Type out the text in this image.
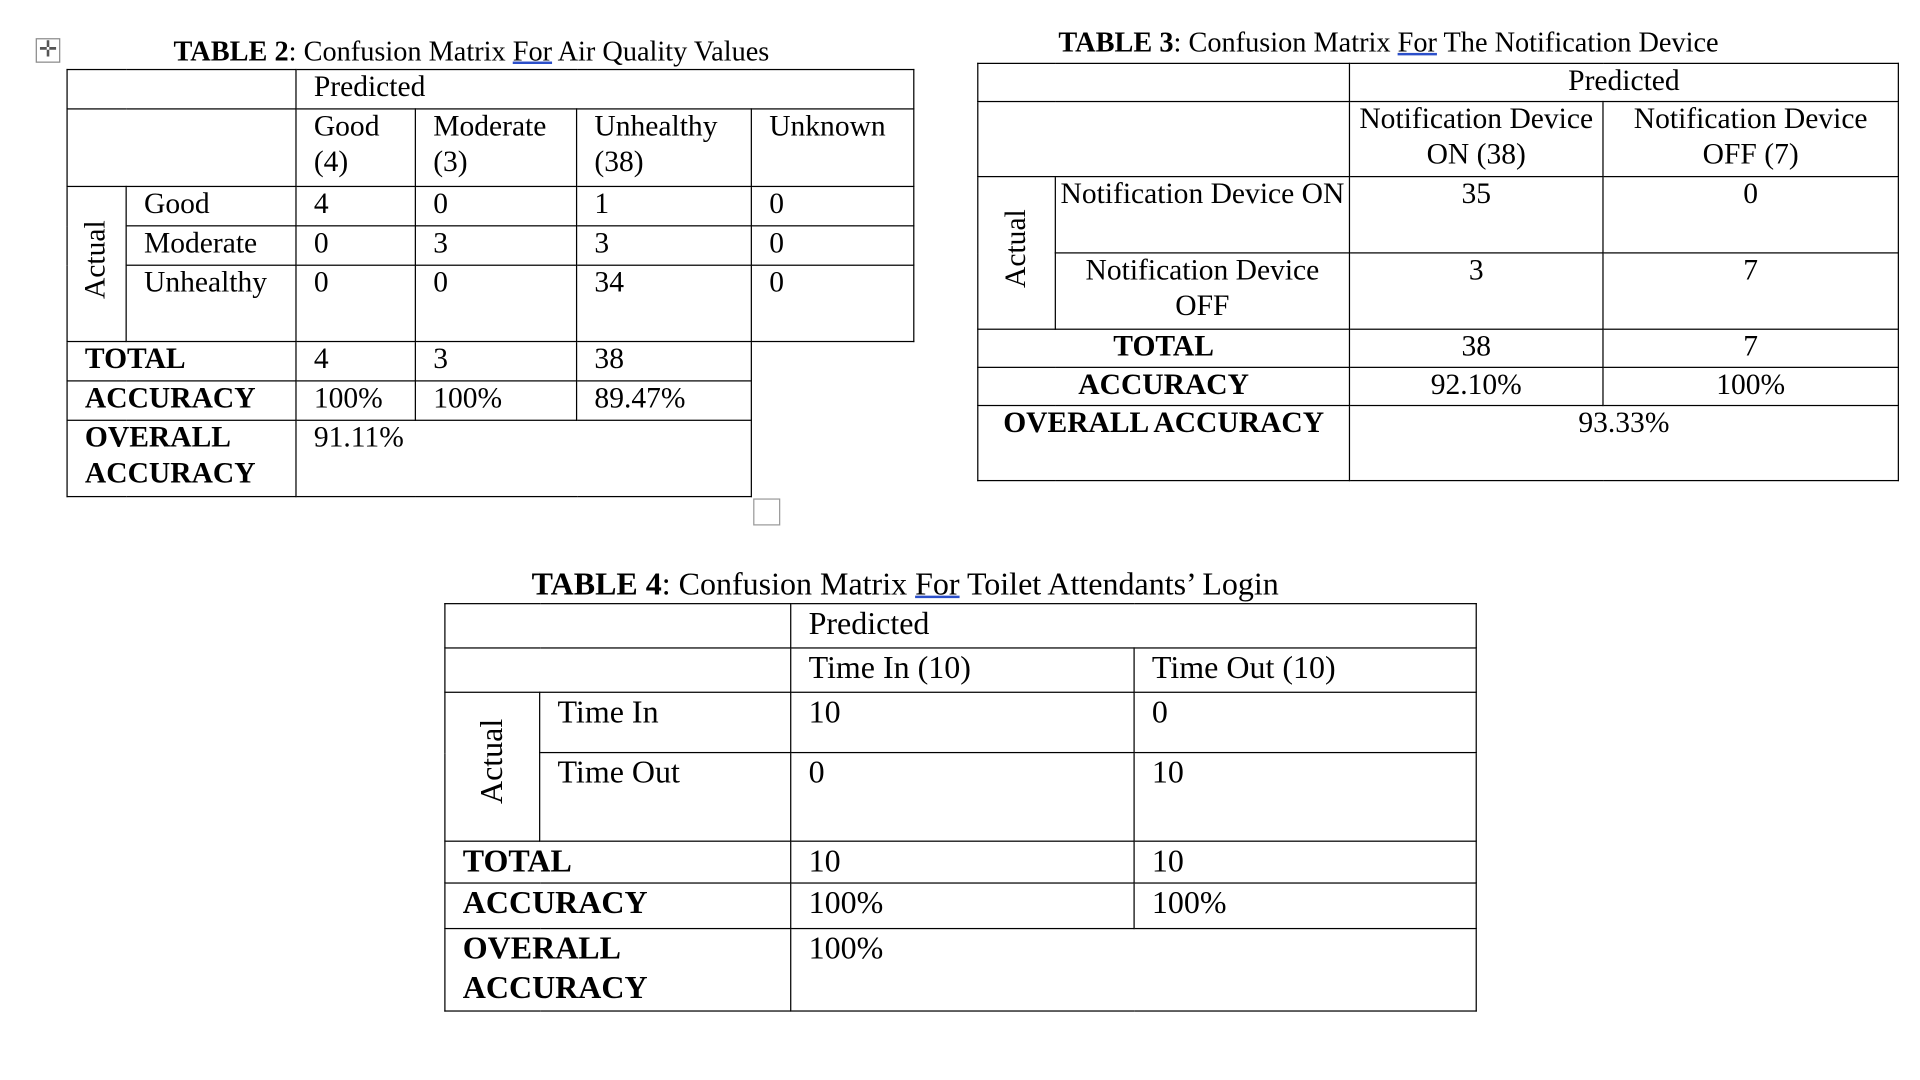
✛	TABLE 2: Confusion Matrix For Air Quality Values
		Predicted			
		Good (4)	Moderate (3)	Unhealthy (38)	Unknown
Actual	Good	4	0	1	0
	Moderate	0	3	3	0
	Unhealthy	0	0	34	0
TOTAL		4	3	38	
ACCURACY		100%	100%	89.47%	
OVERALL ACCURACY		91.11%			
TABLE 3: Confusion Matrix For The Notification Device
		Predicted	
		Notification Device ON (38)	Notification Device OFF (7)
Actual	Notification Device ON	35	0
	Notification Device OFF	3	7
TOTAL		38	7
ACCURACY		92.10%	100%
OVERALL ACCURACY		93.33%	
TABLE 4: Confusion Matrix For Toilet Attendants’ Login
		Predicted	
		Time In (10)	Time Out (10)
Actual	Time In	10	0
	Time Out	0	10
TOTAL		10	10
ACCURACY		100%	100%
OVERALL ACCURACY		100%	
